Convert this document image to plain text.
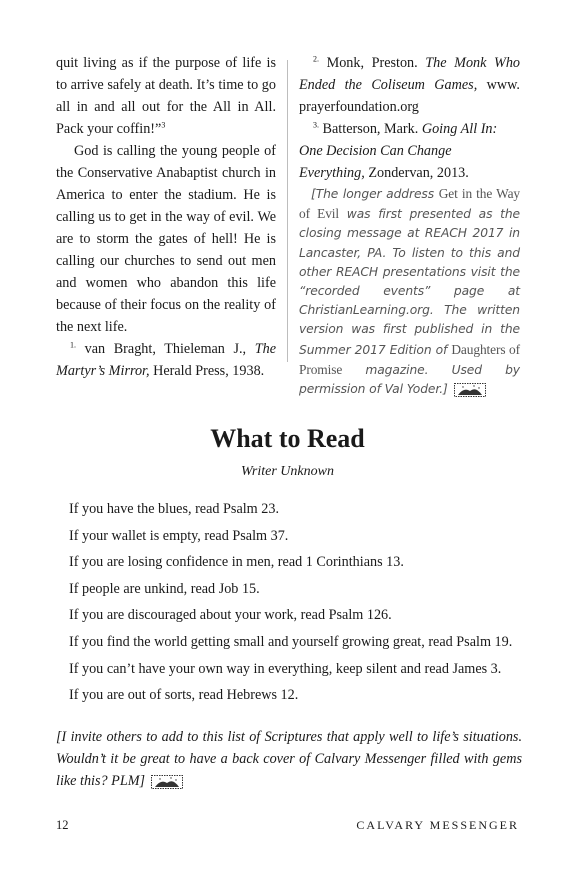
quit living as if the purpose of life is to arrive safely at death. It’s time to go all in and all out for the All in All. Pack your coffin!”$^3$

God is calling the young people of the Conservative Anabaptist church in America to enter the stadium. He is calling us to get in the way of evil. We are to storm the gates of hell! He is calling our churches to send out men and women who abandon this life because of their focus on the reality of the next life.

$^{1.}$ van Braght, Thieleman J., The Martyr’s Mirror, Herald Press, 1938.

$^{2.}$ Monk, Preston. The Monk Who Ended the Coliseum Games, www. prayerfoundation.org

$^{3.}$ Batterson, Mark. Going All In: One Decision Can Change Everything, Zondervan, 2013.

[The longer address Get in the Way of Evil was first presented as the closing message at REACH 2017 in Lancaster, PA. To listen to this and other REACH presentations visit the “recorded events” page at ChristianLearning.org. The written version was first published in the Summer 2017 Edition of Daughters of Promise magazine. Used by permission of Val Yoder.]

What to Read
Writer Unknown
If you have the blues, read Psalm 23.
If your wallet is empty, read Psalm 37.
If you are losing confidence in men, read 1 Corinthians 13.
If people are unkind, read Job 15.
If you are discouraged about your work, read Psalm 126.
If you find the world getting small and yourself growing great, read Psalm 19.
If you can’t have your own way in everything, keep silent and read James 3.
If you are out of sorts, read Hebrews 12.
[I invite others to add to this list of Scriptures that apply well to life’s situations. Wouldn’t it be great to have a back cover of Calvary Messenger filled with gems like this? PLM]
12	CALVARY MESSENGER
